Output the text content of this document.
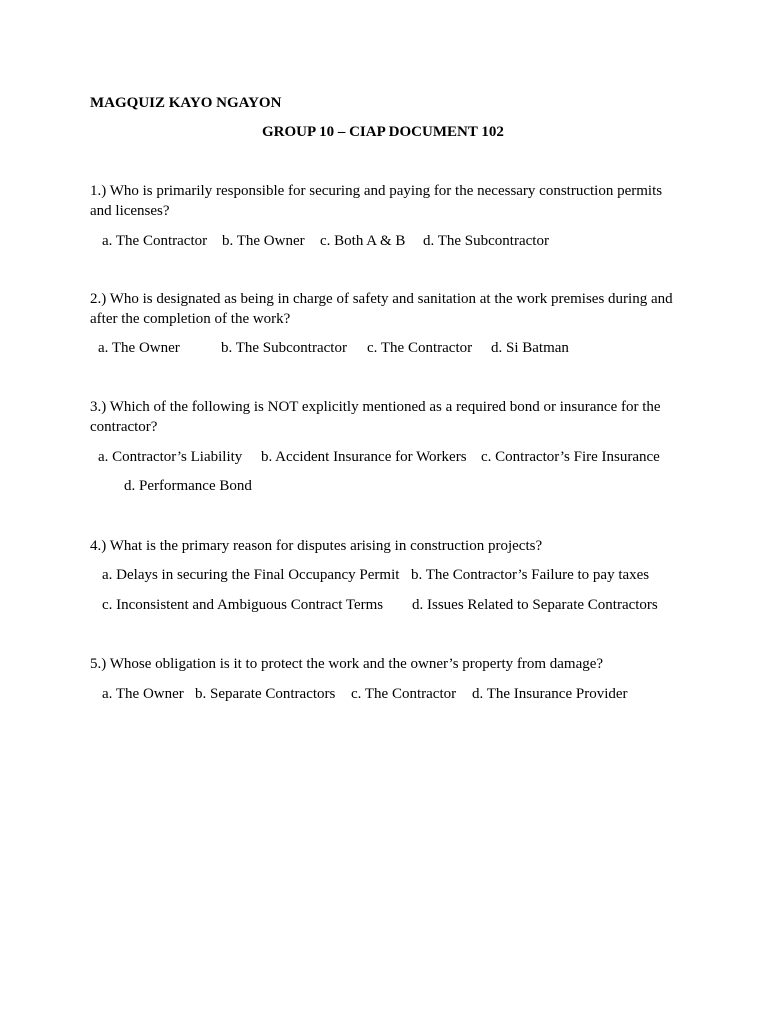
MAGQUIZ KAYO NGAYON
GROUP 10 – CIAP DOCUMENT 102
1.) Who is primarily responsible for securing and paying for the necessary construction permits
and licenses?
a. The Contractor b. The Owner c. Both A & B d. The Subcontractor
2.) Who is designated as being in charge of safety and sanitation at the work premises during and
after the completion of the work?
a. The Owner	b. The Subcontractor c. The Contractor d. Si Batman
3.) Which of the following is NOT explicitly mentioned as a required bond or insurance for the
contractor?
a. Contractor’s Liability b. Accident Insurance for Workers c. Contractor’s Fire Insurance
d. Performance Bond
4.) What is the primary reason for disputes arising in construction projects?
a. Delays in securing the Final Occupancy Permit b. The Contractor’s Failure to pay taxes
c. Inconsistent and Ambiguous Contract Terms d. Issues Related to Separate Contractors
5.) Whose obligation is it to protect the work and the owner’s property from damage?
a. The Owner b. Separate Contractors c. The Contractor d. The Insurance Provider
